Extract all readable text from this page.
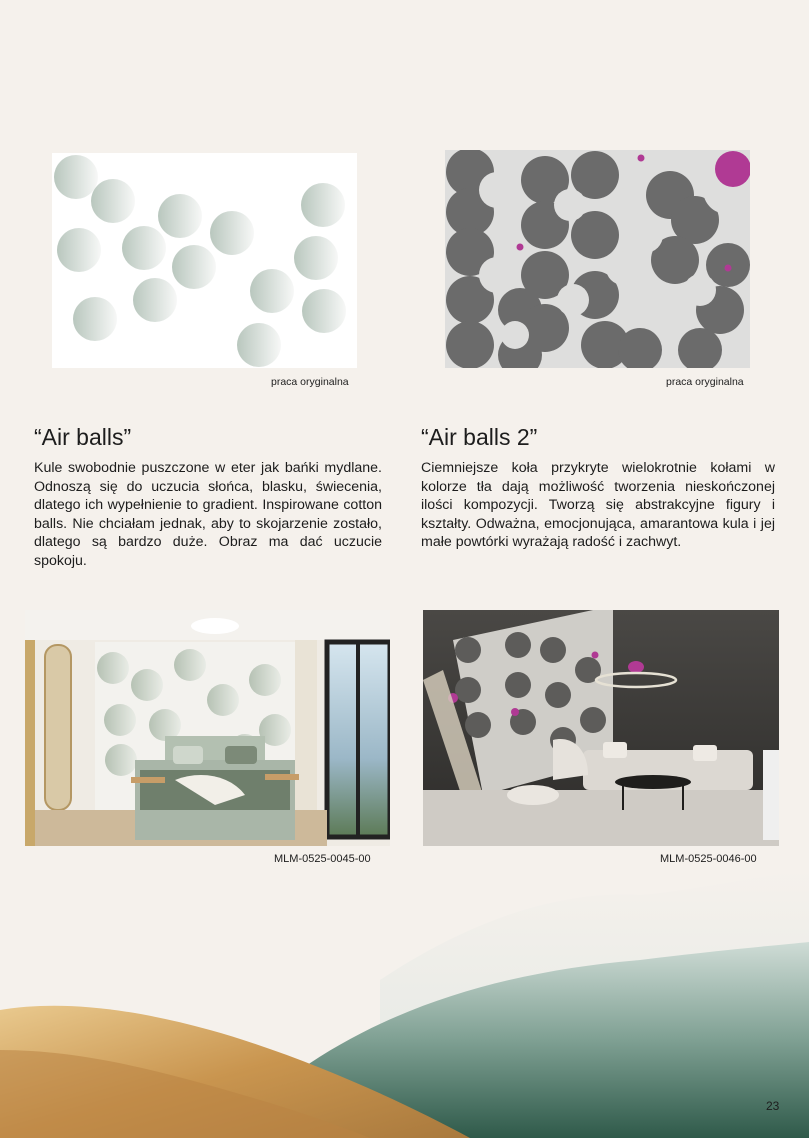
praca oryginalna	praca oryginalna
“Air balls”	“Air balls 2”

Kule swobodnie puszczone w eter jak bańki mydlane. Odnoszą się do uczucia słońca, blasku, świecenia, dlatego ich wypełnienie to gradient. Inspirowane cotton balls. Nie chciałam jednak, aby to skojarzenie zostało, dlatego są bardzo duże. Obraz ma dać uczucie spokoju.

Ciemniejsze koła przykryte wielokrotnie kołami w kolorze tła dają możliwość tworzenia nieskończonej ilości kompozycji. Tworzą się abstrakcyjne figury i kształty. Odważna, emocjonująca, amarantowa kula i jej małe powtórki wyrażają radość i zachwyt.

MLM-0525-0045-00	MLM-0525-0046-00
23
